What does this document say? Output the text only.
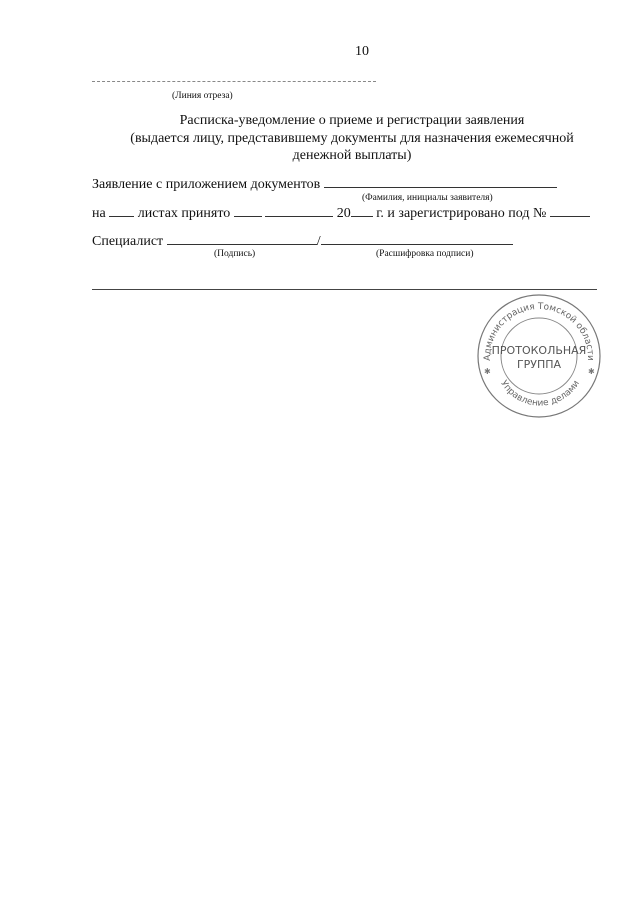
10
(Линия отреза)
Расписка-уведомление о приеме и регистрации заявления
(выдается лицу, представившему документы для назначения ежемесячной
денежной выплаты)
Заявление с приложением документов
(Фамилия, инициалы заявителя)
на листах принято	20 г. и зарегистрировано под №
Специалист	/
(Подпись)	(Расшифровка подписи)
Администрация Томской области
Управление делами
ПРОТОКОЛЬНАЯ
ГРУППА
✱	✱
